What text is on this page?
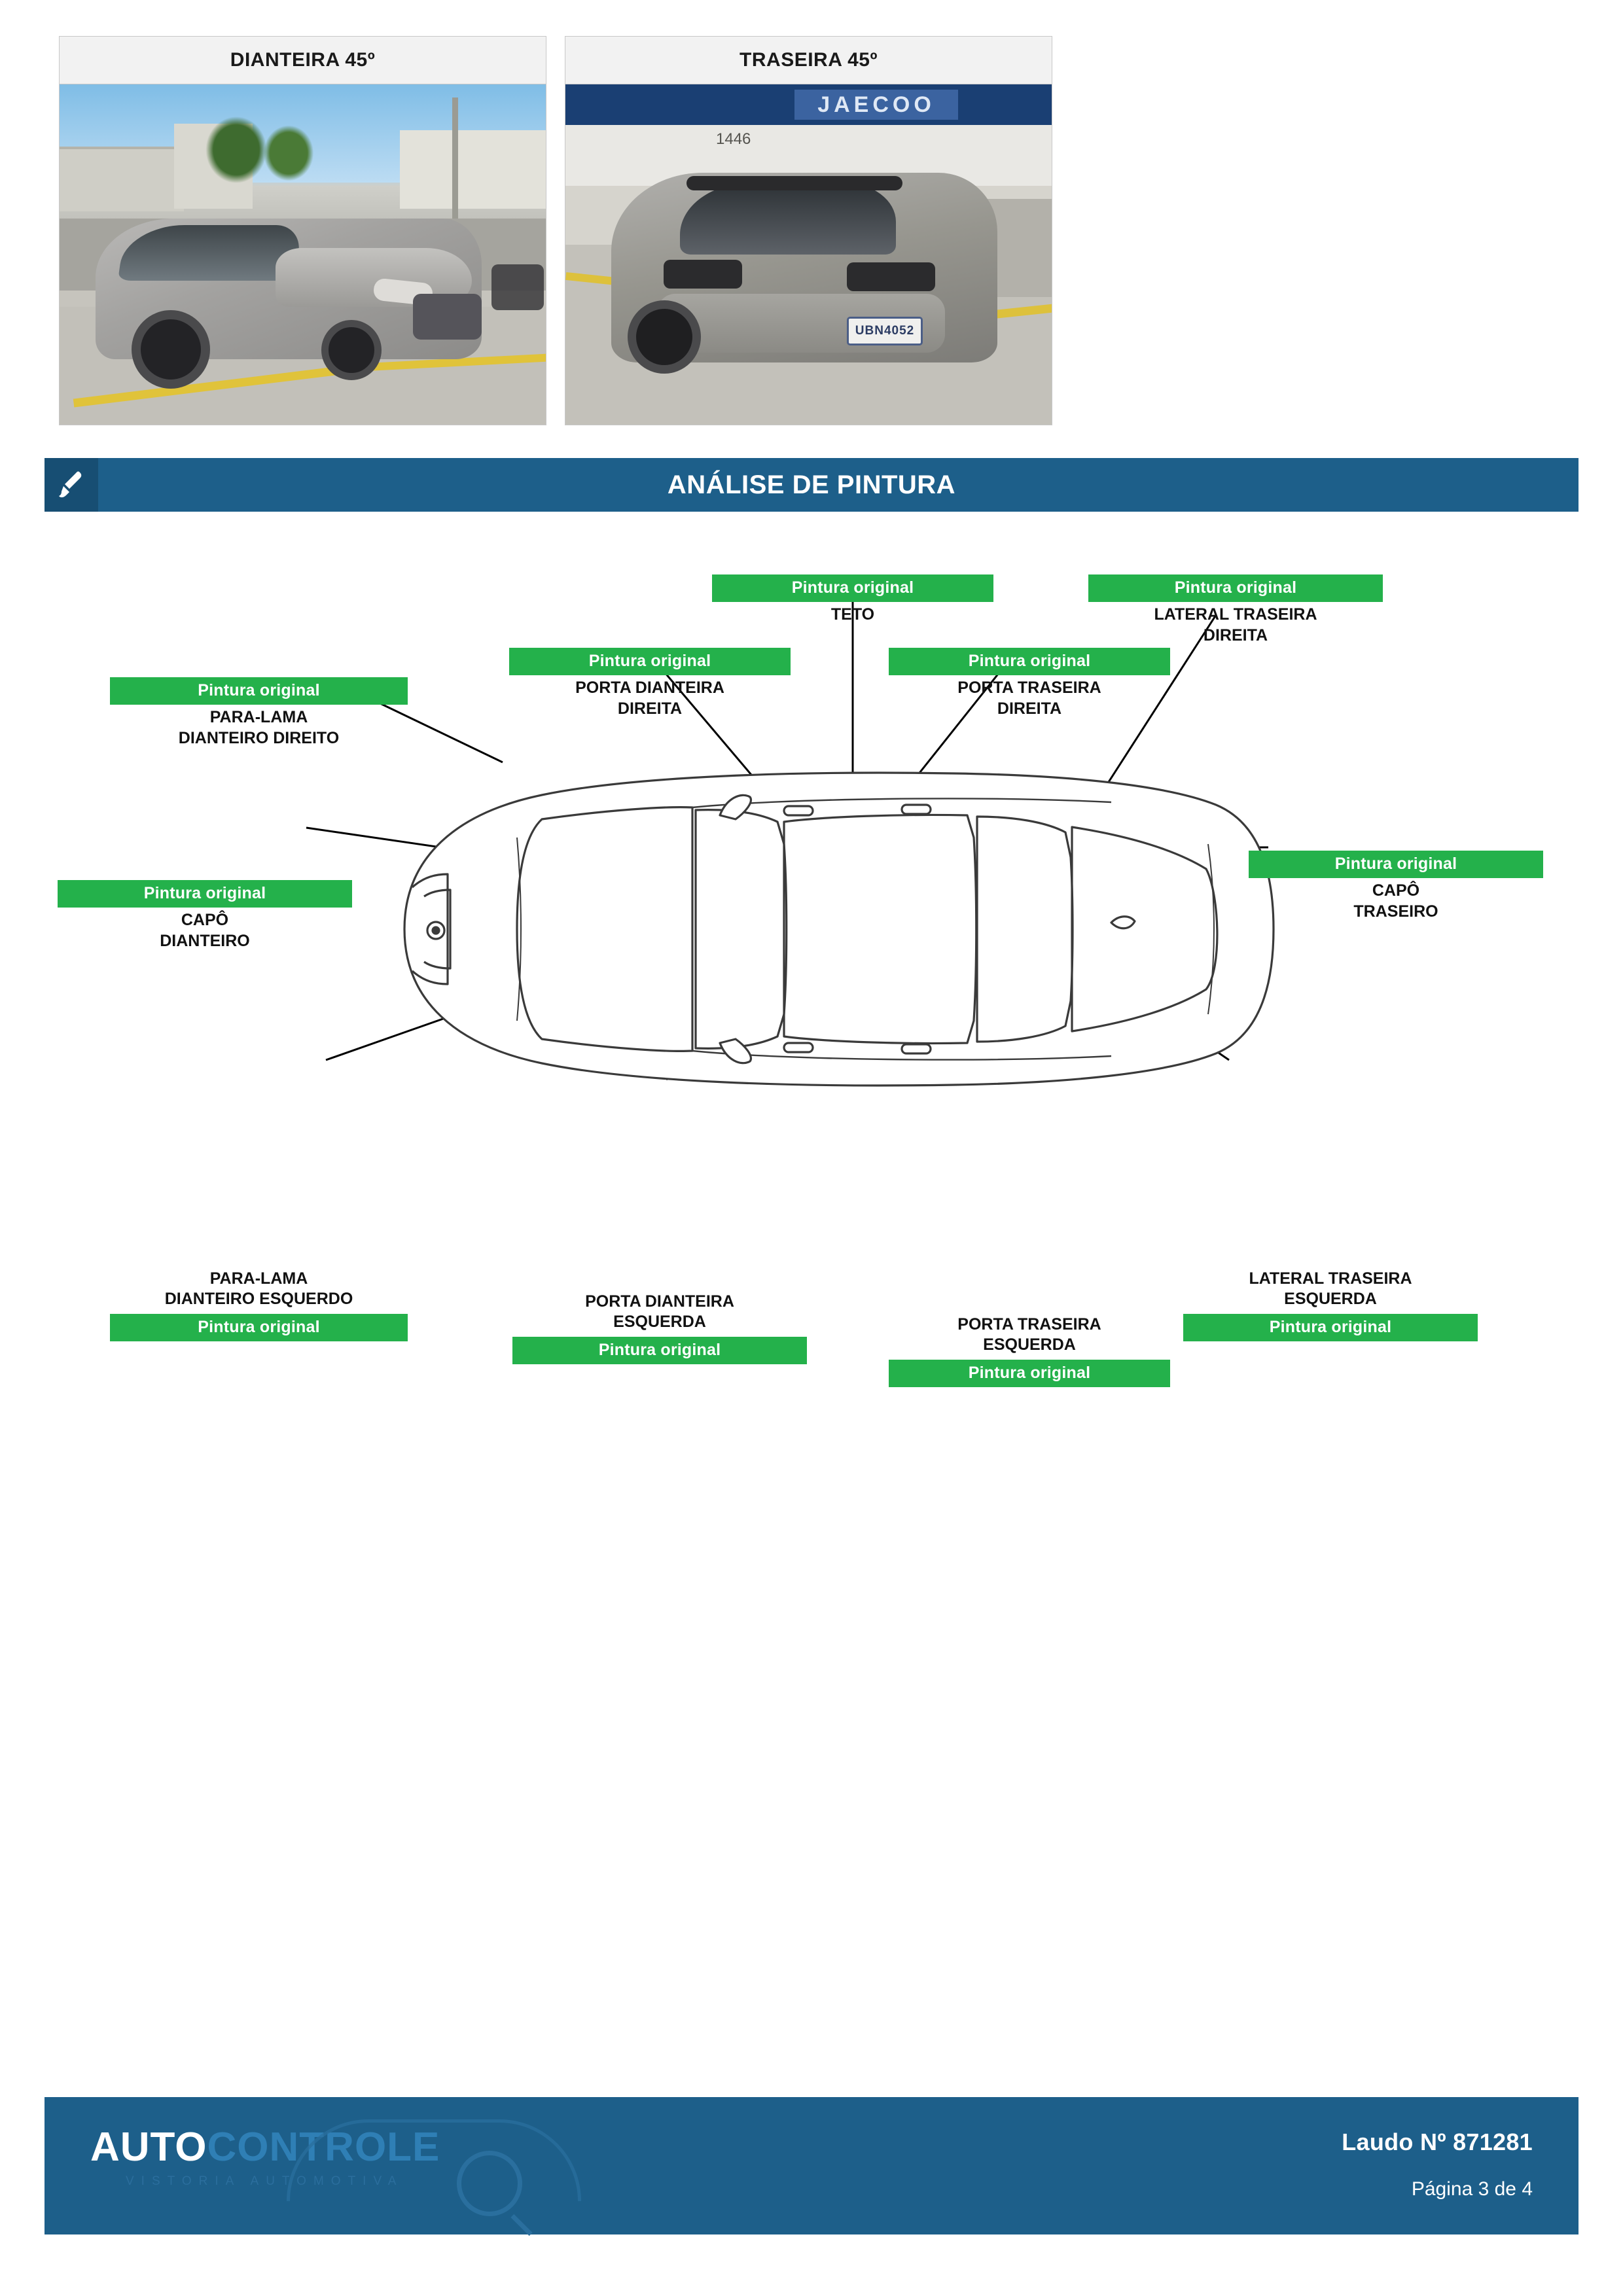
DIANTEIRA 45º	TRASEIRA 45º
JAECOO
1446
UBN4052
ANÁLISE DE PINTURA
Pintura original
TETO
Pintura original
LATERAL TRASEIRA
DIREITA
Pintura original
PORTA DIANTEIRA
DIREITA
Pintura original
PORTA TRASEIRA
DIREITA
Pintura original
PARA-LAMA
DIANTEIRO DIREITO
Pintura original
CAPÔ
DIANTEIRO
Pintura original
CAPÔ
TRASEIRO
PARA-LAMA
DIANTEIRO ESQUERDO
Pintura original
PORTA DIANTEIRA
ESQUERDA
Pintura original
PORTA TRASEIRA
ESQUERDA
Pintura original
LATERAL TRASEIRA
ESQUERDA
Pintura original
AUTOCONTROLE
VISTORIA AUTOMOTIVA
Laudo Nº 871281
Página 3 de 4
